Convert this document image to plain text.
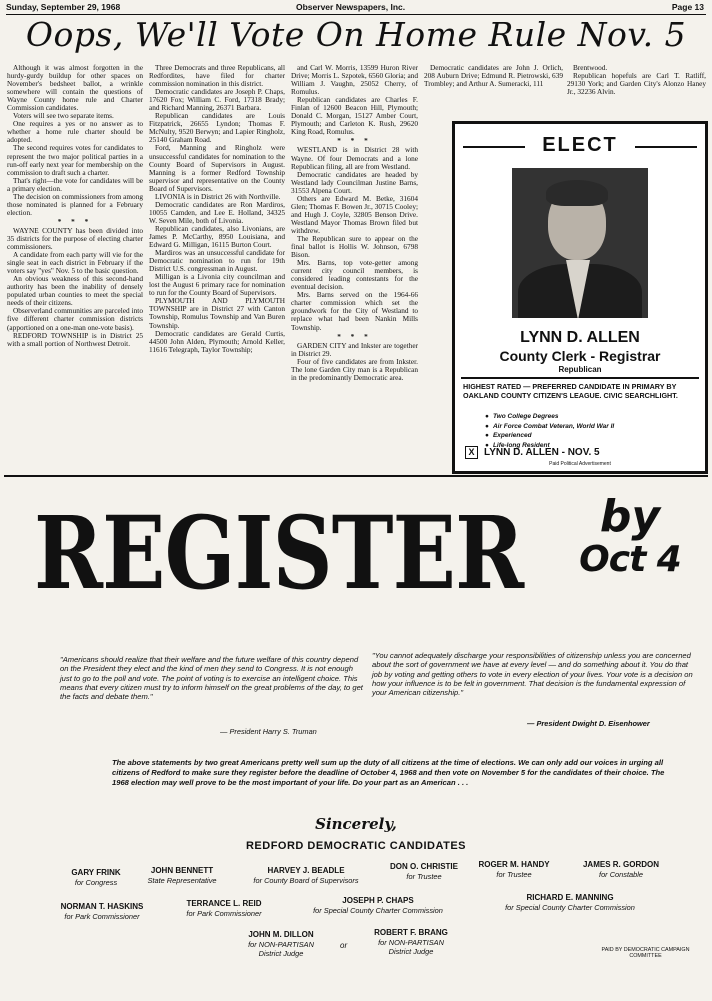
Sunday, September 29, 1968	Observer Newspapers, Inc.	Page 13
Oops, We'll Vote On Home Rule Nov. 5

Although it was almost forgotten in the hurdy-gurdy buildup for other spaces on November's bedsheet ballot, a wrinkle somewhere will contain the questions of Wayne County home rule and Charter Commission candidates.

Voters will see two separate items.

One requires a yes or no answer as to whether a home rule charter should be adopted.

The second requires votes for candidates to represent the two major political parties in a run-off early next year for membership on the commission to draft such a charter.

That's right—the vote for candidates will be a primary election.

The decision on commissioners from among those nominated is planned for a February election.

* * *

WAYNE COUNTY has been divided into 35 districts for the purpose of electing charter commissioners.

A candidate from each party will vie for the single seat in each district in February if the voters say "yes" Nov. 5 to the basic question.

An obvious weakness of this second-hand authority has been the inability of densely populated urban counties to meet the special needs of their citizens.

Observerland communities are parceled into five different charter commission districts (apportioned on a one-man one-vote basis).

REDFORD TOWNSHIP is in District 25 with a small portion of Northwest Detroit.

Three Democrats and three Republicans, all Redfordites, have filed for charter commission nomination in this district.

Democratic candidates are Joseph P. Chaps, 17620 Fox; William C. Ford, 17318 Brady; and Richard Manning, 26371 Barbara.

Republican candidates are Louis Fitzpatrick, 26655 Lyndon; Thomas F. McNulty, 9520 Berwyn; and Lapier Ringholz, 25140 Graham Road.

Ford, Manning and Ringholz were unsuccessful candidates for nomination to the County Board of Supervisors in August. Manning is a former Redford Township supervisor and representative on the County Board of Supervisors.

LIVONIA is in District 26 with Northville.

Democratic candidates are Ron Mardiros, 10055 Camden, and Lee E. Holland, 34325 W. Seven Mile, both of Livonia.

Republican candidates, also Livonians, are James P. McCarthy, 8950 Louisiana, and Edward G. Milligan, 16115 Burton Court.

Mardiros was an unsuccessful candidate for Democratic nomination to run for 19th District U.S. congressman in August.

Milligan is a Livonia city councilman and lost the August 6 primary race for nomination to run for the County Board of Supervisors.

PLYMOUTH AND PLYMOUTH TOWNSHIP are in District 27 with Canton Township, Romulus Township and Van Buren Township.

Democratic candidates are Gerald Curtis, 44500 John Alden, Plymouth; Arnold Keller, 11616 Telegraph, Taylor Township;

and Carl W. Morris, 13599 Huron River Drive; Morris L. Szpotek, 6560 Gloria; and William J. Vaughn, 25052 Cherry, of Romulus.

Republican candidates are Charles F. Finlan of 12600 Beacon Hill, Plymouth; Donald C. Morgan, 15127 Amber Court, Plymouth; and Carleton K. Rush, 29620 King Road, Romulus.

* * *

WESTLAND is in District 28 with Wayne. Of four Democrats and a lone Republican filing, all are from Westland.

Democratic candidates are headed by Westland lady Councilman Justine Barns, 31553 Alpena Court.

Others are Edward M. Betke, 31604 Glen; Thomas F. Bowen Jr., 30715 Cooley; and Hugh J. Coyle, 32805 Benson Drive. Westland Mayor Thomas Brown filed but withdrew.

The Republican sure to appear on the final ballot is Hollis W. Johnson, 6798 Bison.

Mrs. Barns, top vote-getter among current city council members, is considered leading contestants for the eventual decision.

Mrs. Barns served on the 1964-66 charter commission which set the groundwork for the City of Westland to replace what had been Nankin Mills Township.

* * *

GARDEN CITY and Inkster are together in District 29.

Four of five candidates are from Inkster. The lone Garden City man is a Republican in the predominantly Democratic area.

Democratic candidates are John J. Orlich, 208 Auburn Drive; Edmund R. Pietrowski, 639 Trombley; and Arthur A. Sumeracki, 111

Brentwood.

Republican hopefuls are Carl T. Ratliff, 29130 York; and Garden City's Alonzo Haney Jr., 32236 Alvin.

ELECT
LYNN D. ALLEN
County Clerk - Registrar
Republican
HIGHEST RATED — PREFERRED CANDIDATE IN PRIMARY BY OAKLAND COUNTY CITIZEN'S LEAGUE. CIVIC SEARCHLIGHT.
● Two College Degrees
● Air Force Combat Veteran, World War II
● Experienced
● Life-long Resident
X LYNN D. ALLEN - NOV. 5
Paid Political Advertisement
REGISTER	by
Oct 4
"Americans should realize that their welfare and the future welfare of this country depend on the President they elect and the kind of men they send to Congress. It is not enough just to go to the poll and vote. The point of voting is to exercise an intelligent choice. This means that every citizen must try to inform himself on the great problems of the day, to get the facts and debate them."
— President Harry S. Truman
"You cannot adequately discharge your responsibilities of citizenship unless you are concerned about the sort of government we have at every level — and do something about it. You do that job by voting and getting others to vote in every election of your lives. Your vote is a decision on how your influence is to be felt in government. That decision is the fundamental expression of your American citizenship."
— President Dwight D. Eisenhower
The above statements by two great Americans pretty well sum up the duty of all citizens at the time of elections. We can only add our voices in urging all citizens of Redford to make sure they register before the deadline of October 4, 1968 and then vote on November 5 for the candidates of their choice. The 1968 election may well prove to be the most important of your life. Do your part as an American . . .
Sincerely,
REDFORD DEMOCRATIC CANDIDATES
GARY FRINK
for Congress
JOHN BENNETT
State Representative
HARVEY J. BEADLE
for County Board of Supervisors
DON O. CHRISTIE
for Trustee
ROGER M. HANDY
for Trustee
JAMES R. GORDON
for Constable
NORMAN T. HASKINS
for Park Commissioner
TERRANCE L. REID
for Park Commissioner
JOSEPH P. CHAPS
for Special County Charter Commission
RICHARD E. MANNING
for Special County Charter Commission
JOHN M. DILLON
for NON-PARTISAN District Judge
or
ROBERT F. BRANG
for NON-PARTISAN District Judge	PAID BY DEMOCRATIC CAMPAIGN COMMITTEE
